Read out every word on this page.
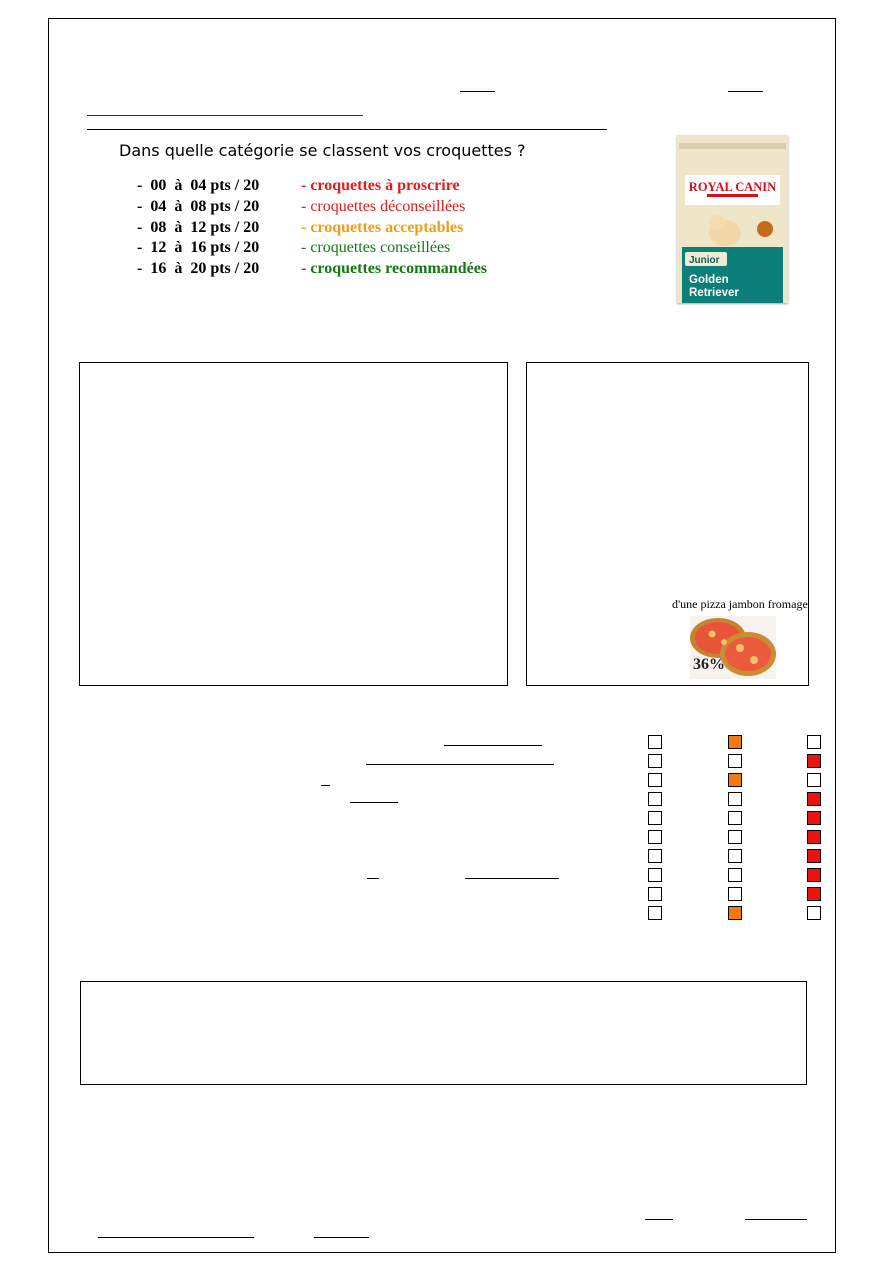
Dans quelle catégorie se classent vos croquettes ?
-  00  à  04 pts / 20	- croquettes à proscrire
-  04  à  08 pts / 20	- croquettes déconseillées
-  08  à  12 pts / 20	- croquettes acceptables
-  12  à  16 pts / 20	- croquettes conseillées
-  16  à  20 pts / 20	- croquettes recommandées
ROYAL CANIN
Junior
Golden
Retriever
d'une pizza jambon fromage
36%
